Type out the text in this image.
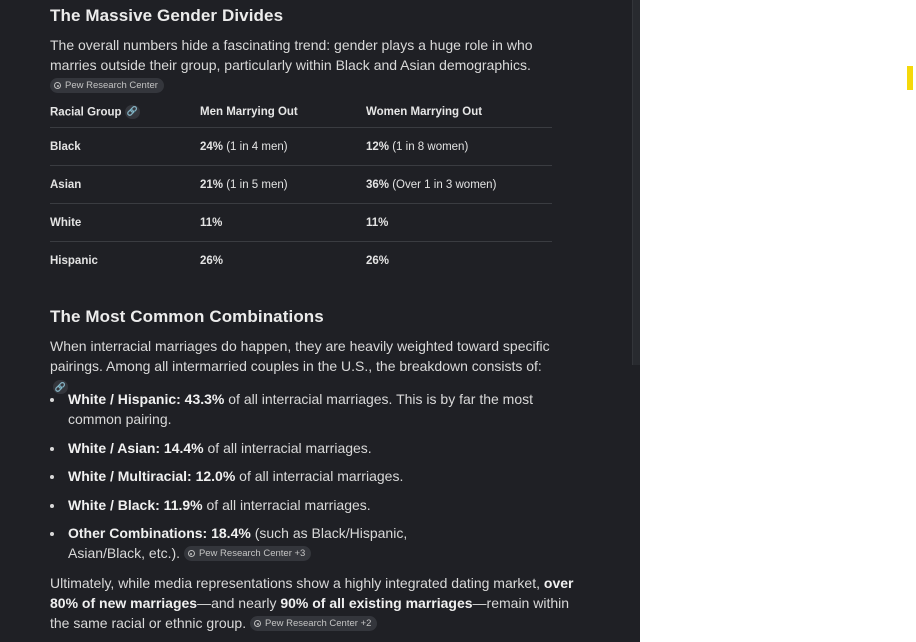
The Massive Gender Divides

The overall numbers hide a fascinating trend: gender plays a huge role in who marries outside their group, particularly within Black and Asian demographics.
Pew Research Center

Racial Group 🔗	Men Marrying Out	Women Marrying Out
Black	24% (1 in 4 men)	12% (1 in 8 women)
Asian	21% (1 in 5 men)	36% (Over 1 in 3 women)
White	11%	11%
Hispanic	26%	26%
The Most Common Combinations

When interracial marriages do happen, they are heavily weighted toward specific pairings. Among all intermarried couples in the U.S., the breakdown consists of:🔗

White / Hispanic: 43.3% of all interracial marriages. This is by far the most common pairing.
White / Asian: 14.4% of all interracial marriages.
White / Multiracial: 12.0% of all interracial marriages.
White / Black: 11.9% of all interracial marriages.
Other Combinations: 18.4% (such as Black/Hispanic, Asian/Black, etc.). Pew Research Center +3

Ultimately, while media representations show a highly integrated dating market, over 80% of new marriages—and nearly 90% of all existing marriages—remain within the same racial or ethnic group. Pew Research Center +2
